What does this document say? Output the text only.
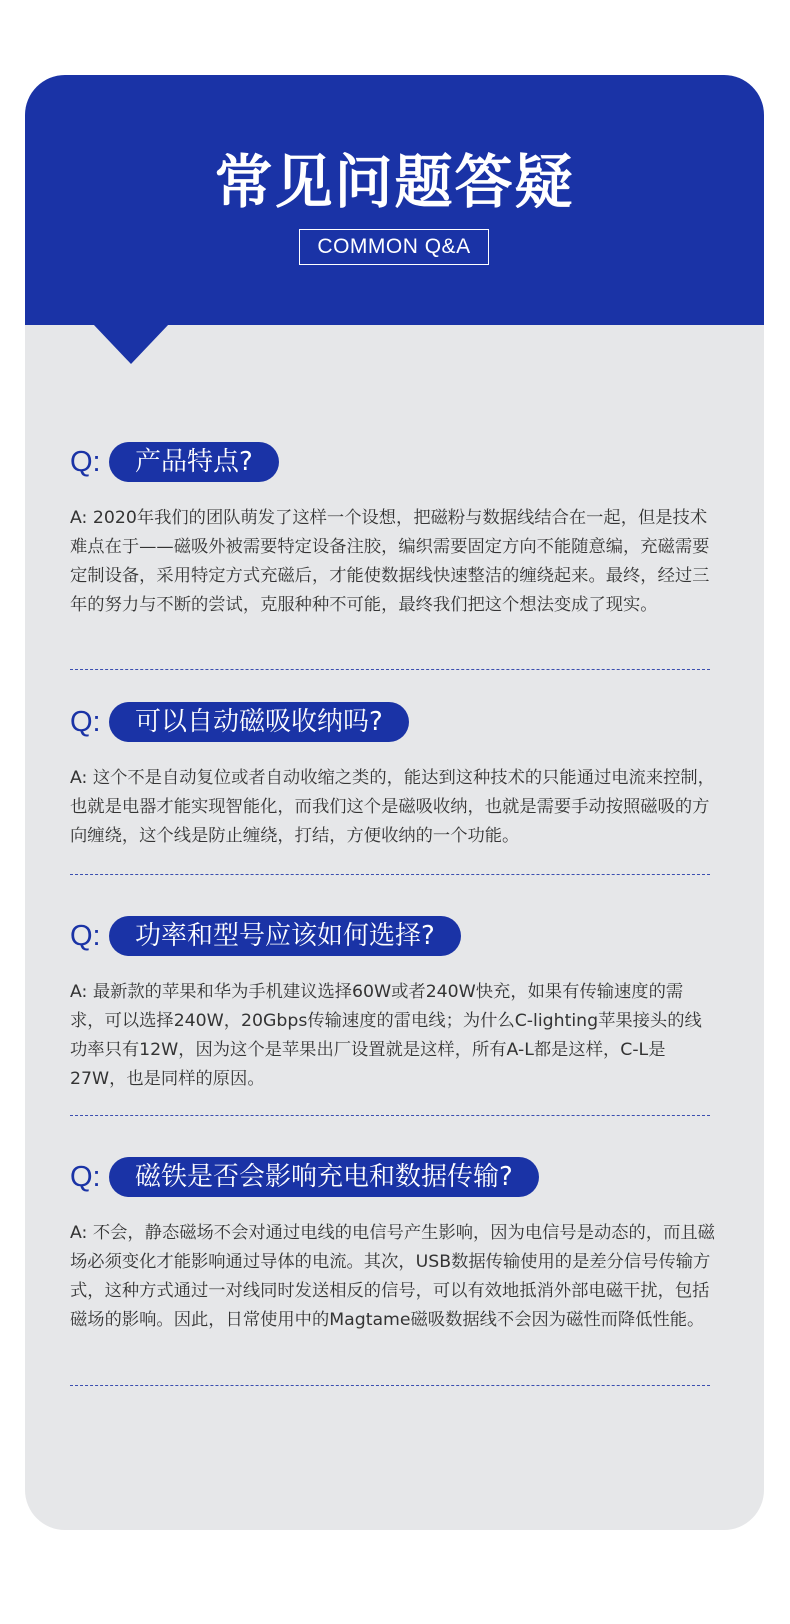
常见问题答疑
COMMON Q&A
Q:	产品特点?

A: 2020年我们的团队萌发了这样一个设想，把磁粉与数据线结合在一起，但是技术难点在于——磁吸外被需要特定设备注胶，编织需要固定方向不能随意编，充磁需要定制设备，采用特定方式充磁后，才能使数据线快速整洁的缠绕起来。最终，经过三年的努力与不断的尝试，克服种种不可能，最终我们把这个想法变成了现实。

Q:	可以自动磁吸收纳吗?

A: 这个不是自动复位或者自动收缩之类的，能达到这种技术的只能通过电流来控制，也就是电器才能实现智能化，而我们这个是磁吸收纳，也就是需要手动按照磁吸的方向缠绕，这个线是防止缠绕，打结，方便收纳的一个功能。

Q:	功率和型号应该如何选择?

A: 最新款的苹果和华为手机建议选择60W或者240W快充，如果有传输速度的需求，可以选择240W，20Gbps传输速度的雷电线；为什么C-lighting苹果接头的线功率只有12W，因为这个是苹果出厂设置就是这样，所有A-L都是这样，C-L是27W，也是同样的原因。

Q:	磁铁是否会影响充电和数据传输?

A: 不会，静态磁场不会对通过电线的电信号产生影响，因为电信号是动态的，而且磁场必须变化才能影响通过导体的电流。其次，USB数据传输使用的是差分信号传输方式，这种方式通过一对线同时发送相反的信号，可以有效地抵消外部电磁干扰，包括磁场的影响。因此，日常使用中的Magtame磁吸数据线不会因为磁性而降低性能。
